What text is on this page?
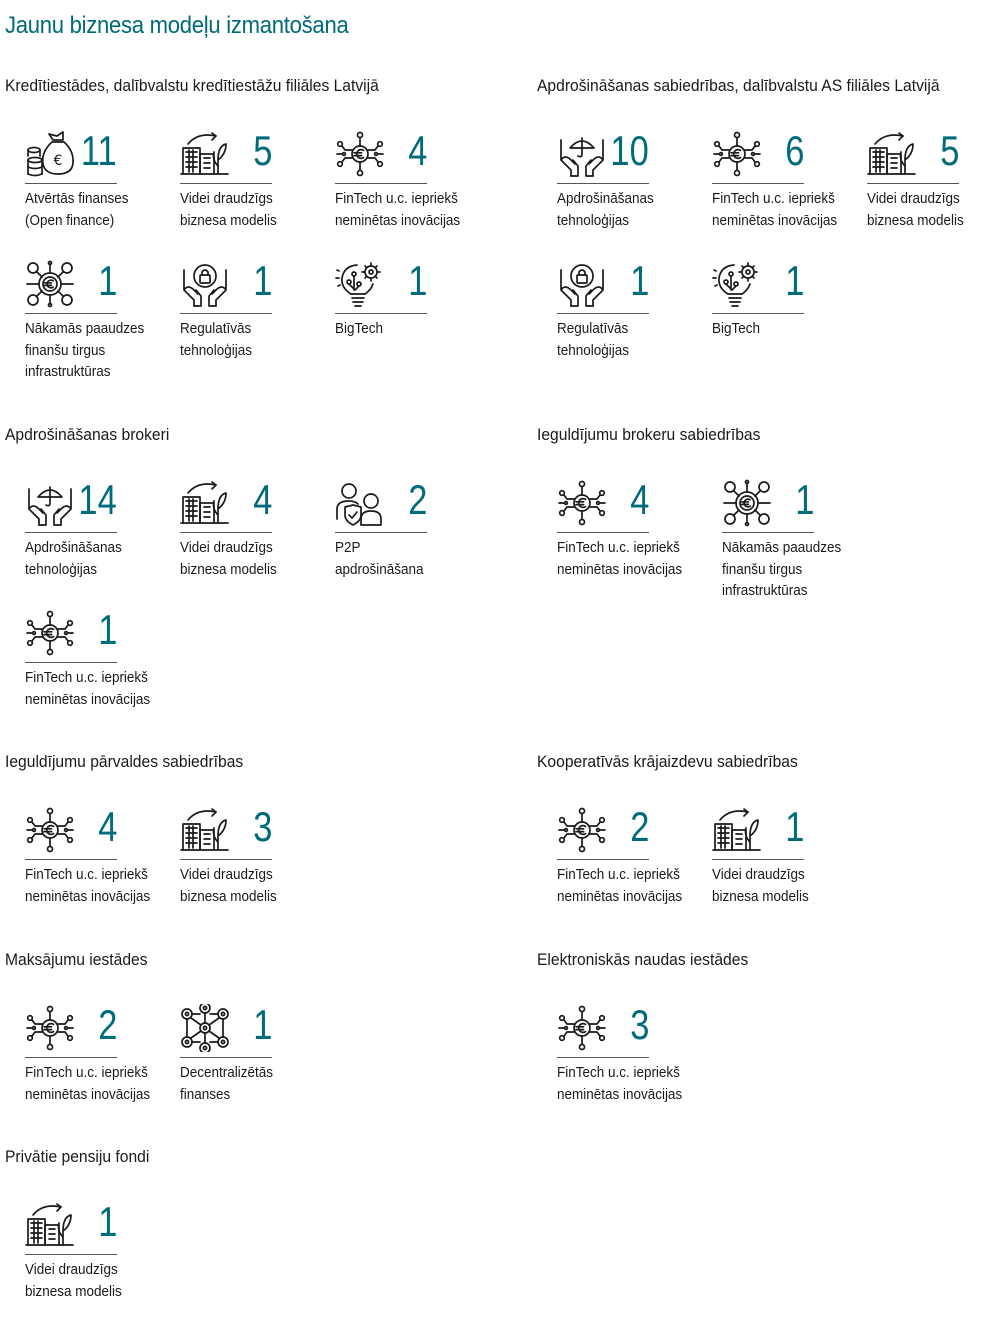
Jaunu biznesa modeļu izmantošana
Kredītiestādes, dalībvalstu kredītiestāžu filiāles Latvijā
€ 11
Atvērtās finanses
(Open finance)
5
Videi draudzīgs
biznesa modelis
4
FinTech u.c. iepriekš
neminētas inovācijas
1
Nākamās paaudzes
finanšu tirgus
infrastruktūras
1
Regulatīvās
tehnoloģijas
1
BigTech
Apdrošināšanas sabiedrības, dalībvalstu AS filiāles Latvijā
10
Apdrošināšanas
tehnoloģijas
6
FinTech u.c. iepriekš
neminētas inovācijas
5
Videi draudzīgs
biznesa modelis
1
Regulatīvās
tehnoloģijas
1
BigTech
Apdrošināšanas brokeri
14
Apdrošināšanas
tehnoloģijas
4
Videi draudzīgs
biznesa modelis
2
P2P
apdrošināšana
1
FinTech u.c. iepriekš
neminētas inovācijas
Ieguldījumu brokeru sabiedrības
4
FinTech u.c. iepriekš
neminētas inovācijas
1
Nākamās paaudzes
finanšu tirgus
infrastruktūras
Ieguldījumu pārvaldes sabiedrības
4
FinTech u.c. iepriekš
neminētas inovācijas
3
Videi draudzīgs
biznesa modelis
Kooperatīvās krājaizdevu sabiedrības
2
FinTech u.c. iepriekš
neminētas inovācijas
1
Videi draudzīgs
biznesa modelis
Maksājumu iestādes
2
FinTech u.c. iepriekš
neminētas inovācijas
1
Decentralizētās
finanses
Elektroniskās naudas iestādes
3
FinTech u.c. iepriekš
neminētas inovācijas
Privātie pensiju fondi
1
Videi draudzīgs
biznesa modelis
